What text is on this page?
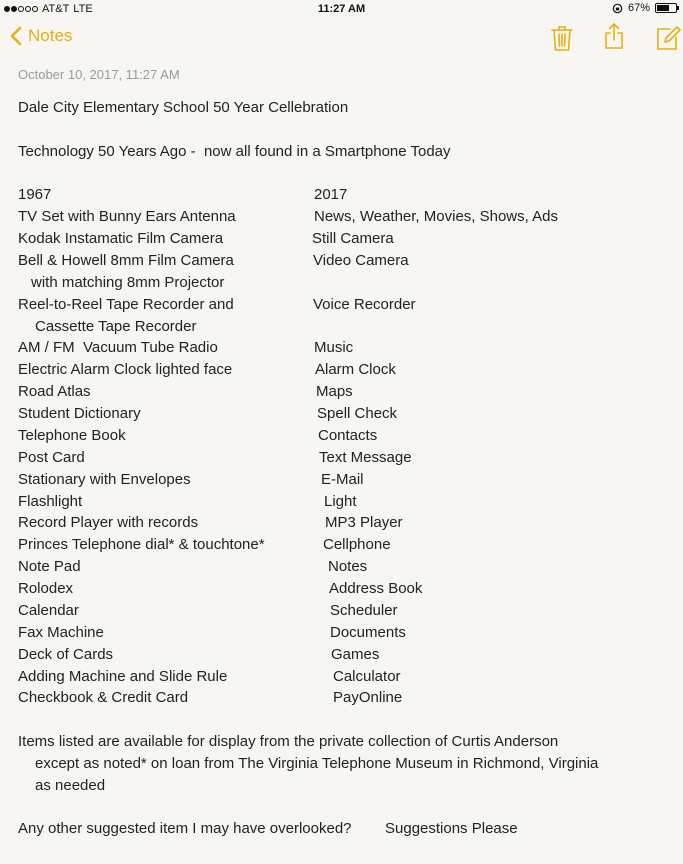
AT&T LTE	11:27 AM	67%
Notes
October 10, 2017, 11:27 AM
Dale City Elementary School 50 Year Cellebration
Technology 50 Years Ago -  now all found in a Smartphone Today
1967	2017
TV Set with Bunny Ears Antenna	News, Weather, Movies, Shows, Ads
Kodak Instamatic Film Camera	Still Camera
Bell & Howell 8mm Film Camera	Video Camera
with matching 8mm Projector
Reel-to-Reel Tape Recorder and	Voice Recorder
Cassette Tape Recorder
AM / FM  Vacuum Tube Radio	Music
Electric Alarm Clock lighted face	Alarm Clock
Road Atlas	Maps
Student Dictionary	Spell Check
Telephone Book	Contacts
Post Card	Text Message
Stationary with Envelopes	E-Mail
Flashlight	Light
Record Player with records	MP3 Player
Princes Telephone dial* & touchtone*	Cellphone
Note Pad	Notes
Rolodex	Address Book
Calendar	Scheduler
Fax Machine	Documents
Deck of Cards	Games
Adding Machine and Slide Rule	Calculator
Checkbook & Credit Card	PayOnline
Items listed are available for display from the private collection of Curtis Anderson
except as noted* on loan from The Virginia Telephone Museum in Richmond, Virginia
as needed
Any other suggested item I may have overlooked? Suggestions Please
